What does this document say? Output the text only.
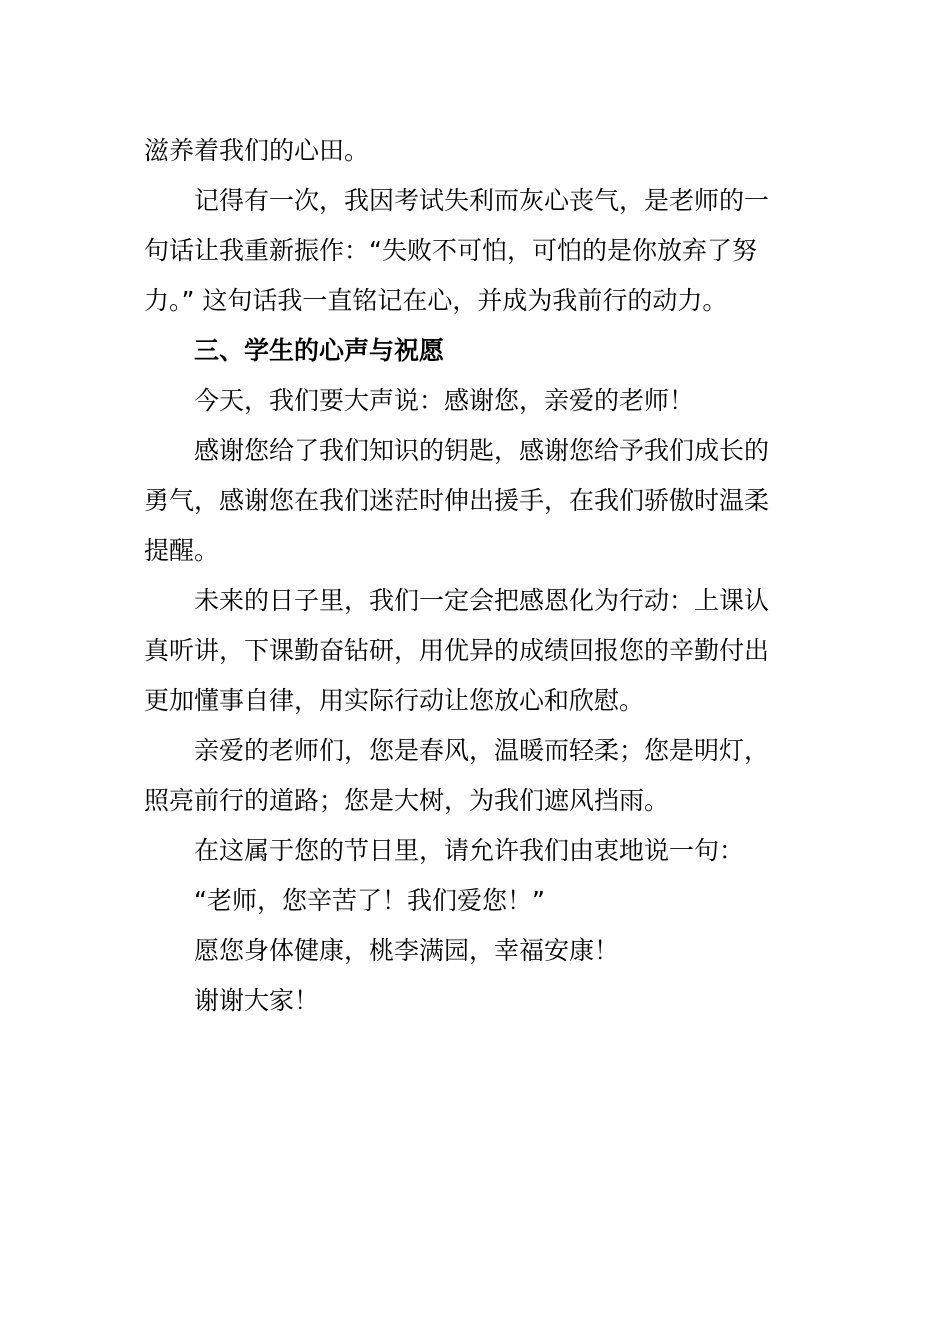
滋养着我们的心田。

记得有一次，我因考试失利而灰心丧气，是老师的一
句话让我重新振作：“失败不可怕，可怕的是你放弃了努
力。” 这句话我一直铭记在心，并成为我前行的动力。

三、学生的心声与祝愿

今天，我们要大声说：感谢您，亲爱的老师！

感谢您给了我们知识的钥匙，感谢您给予我们成长的
勇气，感谢您在我们迷茫时伸出援手，在我们骄傲时温柔
提醒。

未来的日子里，我们一定会把感恩化为行动：上课认
真听讲，下课勤奋钻研，用优异的成绩回报您的辛勤付出
更加懂事自律，用实际行动让您放心和欣慰。

亲爱的老师们，您是春风，温暖而轻柔；您是明灯，
照亮前行的道路；您是大树，为我们遮风挡雨。

在这属于您的节日里，请允许我们由衷地说一句：

“老师，您辛苦了！我们爱您！”

愿您身体健康，桃李满园，幸福安康！

谢谢大家！
